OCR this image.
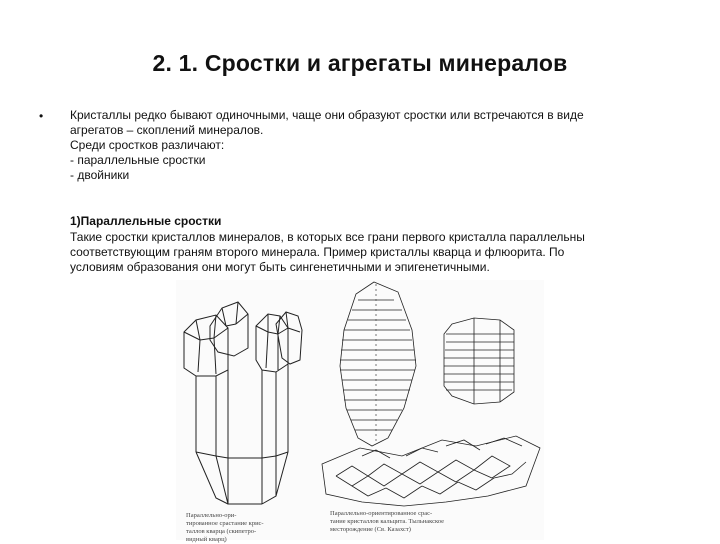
2. 1. Сростки и агрегаты минералов
• Кристаллы редко бывают одиночными, чаще они образуют сростки или встречаются в виде
агрегатов – скоплений минералов.
Среди сростков различают:
- параллельные сростки
- двойники
1)Параллельные сростки
Такие сростки кристаллов минералов, в которых все грани первого кристалла параллельны
соответствующим граням второго минерала. Пример кристаллы кварца и флюорита. По
условиям образования они могут быть сингенетичными и эпигенетичными.
Параллельно-ори-
тированное срастание крис-
таллов кварца (скипетро-
видный кварц)
Параллельно-ориентированное срас-
тание кристаллов кальцита. Тыльнакское
месторождение (Св. Казахст)
